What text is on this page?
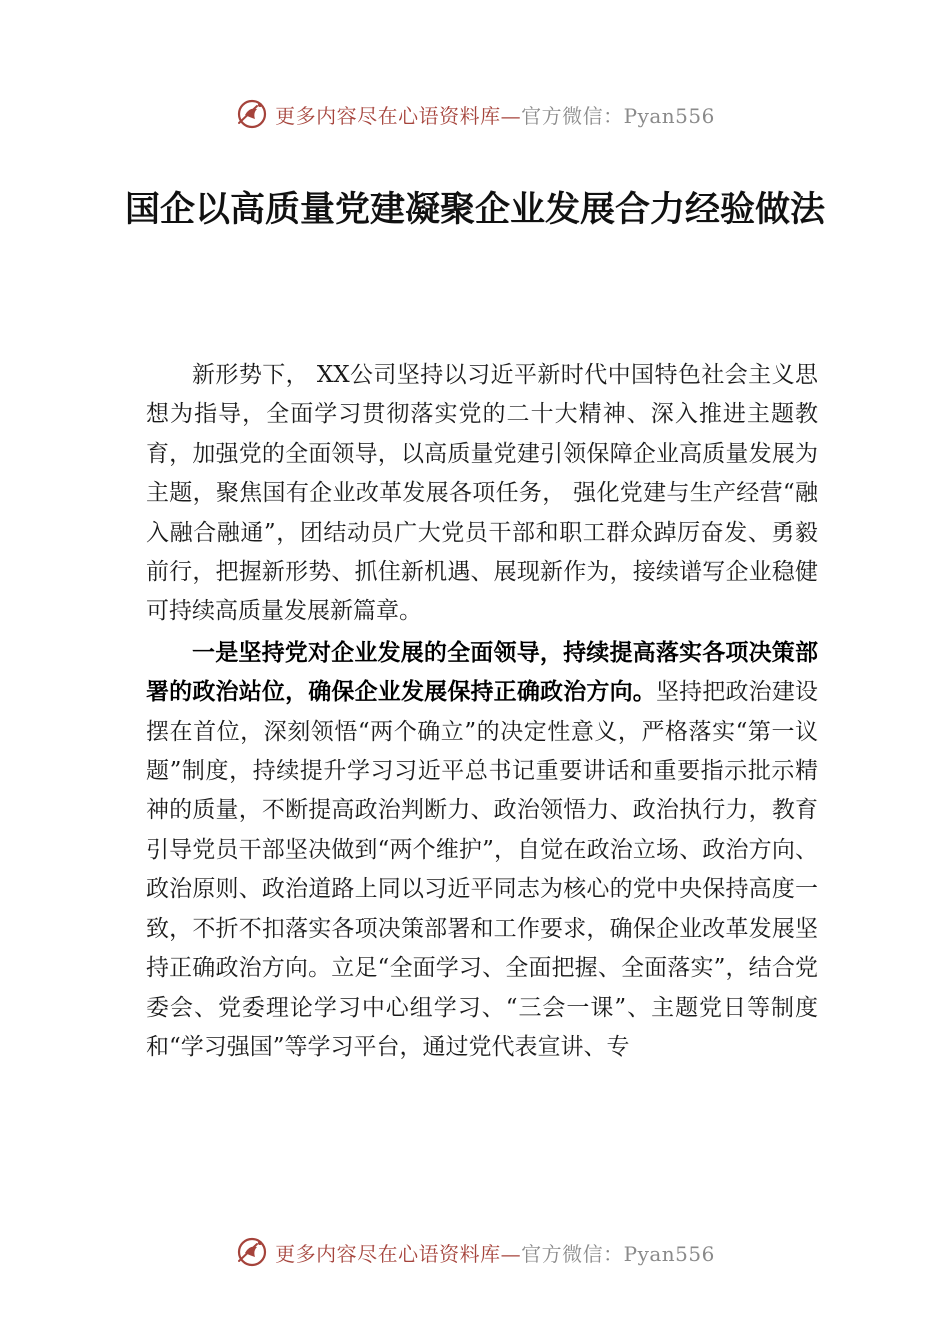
更多内容尽在心语资料库—官方微信：Pyan556
国企以高质量党建凝聚企业发展合力经验做法

新形势下， XX公司坚持以习近平新时代中国特色社会主义思想为指导，全面学习贯彻落实党的二十大精神、深入推进主题教育，加强党的全面领导，以高质量党建引领保障企业高质量发展为主题，聚焦国有企业改革发展各项任务， 强化党建与生产经营“融入融合融通”，团结动员广大党员干部和职工群众踔厉奋发、勇毅前行，把握新形势、抓住新机遇、展现新作为，接续谱写企业稳健可持续高质量发展新篇章。

一是坚持党对企业发展的全面领导，持续提高落实各项决策部署的政治站位，确保企业发展保持正确政治方向。坚持把政治建设摆在首位，深刻领悟“两个确立”的决定性意义，严格落实“第一议题”制度，持续提升学习习近平总书记重要讲话和重要指示批示精神的质量，不断提高政治判断力、政治领悟力、政治执行力，教育引导党员干部坚决做到“两个维护”，自觉在政治立场、政治方向、政治原则、政治道路上同以习近平同志为核心的党中央保持高度一致，不折不扣落实各项决策部署和工作要求，确保企业改革发展坚持正确政治方向。立足“全面学习、全面把握、全面落实”，结合党委会、党委理论学习中心组学习、“三会一课”、主题党日等制度和“学习强国”等学习平台，通过党代表宣讲、专

更多内容尽在心语资料库—官方微信：Pyan556
